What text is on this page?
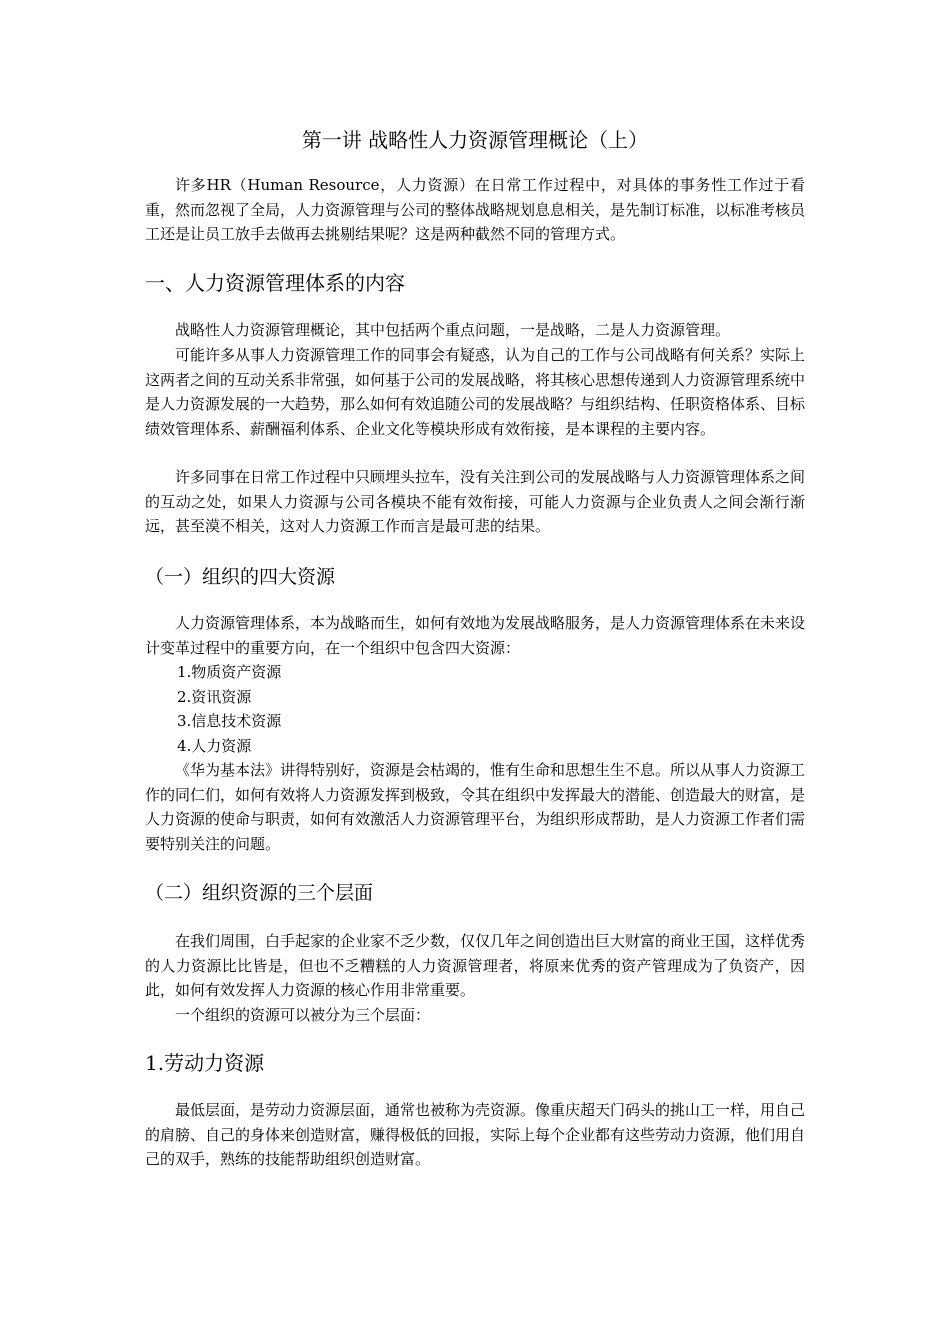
第一讲 战略性人力资源管理概论（上）

许多HR（Human Resource，人力资源）在日常工作过程中，对具体的事务性工作过于看重，然而忽视了全局，人力资源管理与公司的整体战略规划息息相关，是先制订标准，以标准考核员工还是让员工放手去做再去挑剔结果呢？这是两种截然不同的管理方式。

一、人力资源管理体系的内容

战略性人力资源管理概论，其中包括两个重点问题，一是战略，二是人力资源管理。

可能许多从事人力资源管理工作的同事会有疑惑，认为自己的工作与公司战略有何关系？实际上这两者之间的互动关系非常强，如何基于公司的发展战略，将其核心思想传递到人力资源管理系统中是人力资源发展的一大趋势，那么如何有效追随公司的发展战略？与组织结构、任职资格体系、目标绩效管理体系、薪酬福利体系、企业文化等模块形成有效衔接，是本课程的主要内容。

许多同事在日常工作过程中只顾埋头拉车，没有关注到公司的发展战略与人力资源管理体系之间的互动之处，如果人力资源与公司各模块不能有效衔接，可能人力资源与企业负责人之间会渐行渐远，甚至漠不相关，这对人力资源工作而言是最可悲的结果。

（一）组织的四大资源

人力资源管理体系，本为战略而生，如何有效地为发展战略服务，是人力资源管理体系在未来设计变革过程中的重要方向，在一个组织中包含四大资源：

1.物质资产资源
2.资讯资源
3.信息技术资源
4.人力资源

《华为基本法》讲得特别好，资源是会枯竭的，惟有生命和思想生生不息。所以从事人力资源工作的同仁们，如何有效将人力资源发挥到极致，令其在组织中发挥最大的潜能、创造最大的财富，是人力资源的使命与职责，如何有效激活人力资源管理平台，为组织形成帮助，是人力资源工作者们需要特别关注的问题。

（二）组织资源的三个层面

在我们周围，白手起家的企业家不乏少数，仅仅几年之间创造出巨大财富的商业王国，这样优秀的人力资源比比皆是，但也不乏糟糕的人力资源管理者，将原来优秀的资产管理成为了负资产，因此，如何有效发挥人力资源的核心作用非常重要。

一个组织的资源可以被分为三个层面：

1.劳动力资源

最低层面，是劳动力资源层面，通常也被称为壳资源。像重庆超天门码头的挑山工一样，用自己的肩膀、自己的身体来创造财富，赚得极低的回报，实际上每个企业都有这些劳动力资源，他们用自己的双手，熟练的技能帮助组织创造财富。
